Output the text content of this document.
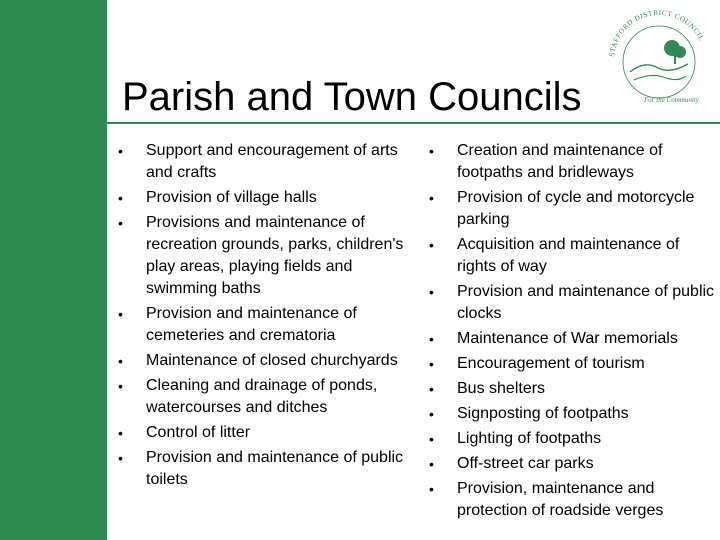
STAFFORD DISTRICT COUNCIL
For the Community
Parish and Town Councils
• Support and encouragement of arts and crafts
• Provision of village halls
• Provisions and maintenance of recreation grounds, parks, children's play areas, playing fields and swimming baths
• Provision and maintenance of cemeteries and crematoria
• Maintenance of closed churchyards
• Cleaning and drainage of ponds, watercourses and ditches
• Control of litter
• Provision and maintenance of public toilets
• Creation and maintenance of footpaths and bridleways
• Provision of cycle and motorcycle parking
• Acquisition and maintenance of rights of way
• Provision and maintenance of public clocks
• Maintenance of War memorials
• Encouragement of tourism
• Bus shelters
• Signposting of footpaths
• Lighting of footpaths
• Off-street car parks
• Provision, maintenance and protection of roadside verges
